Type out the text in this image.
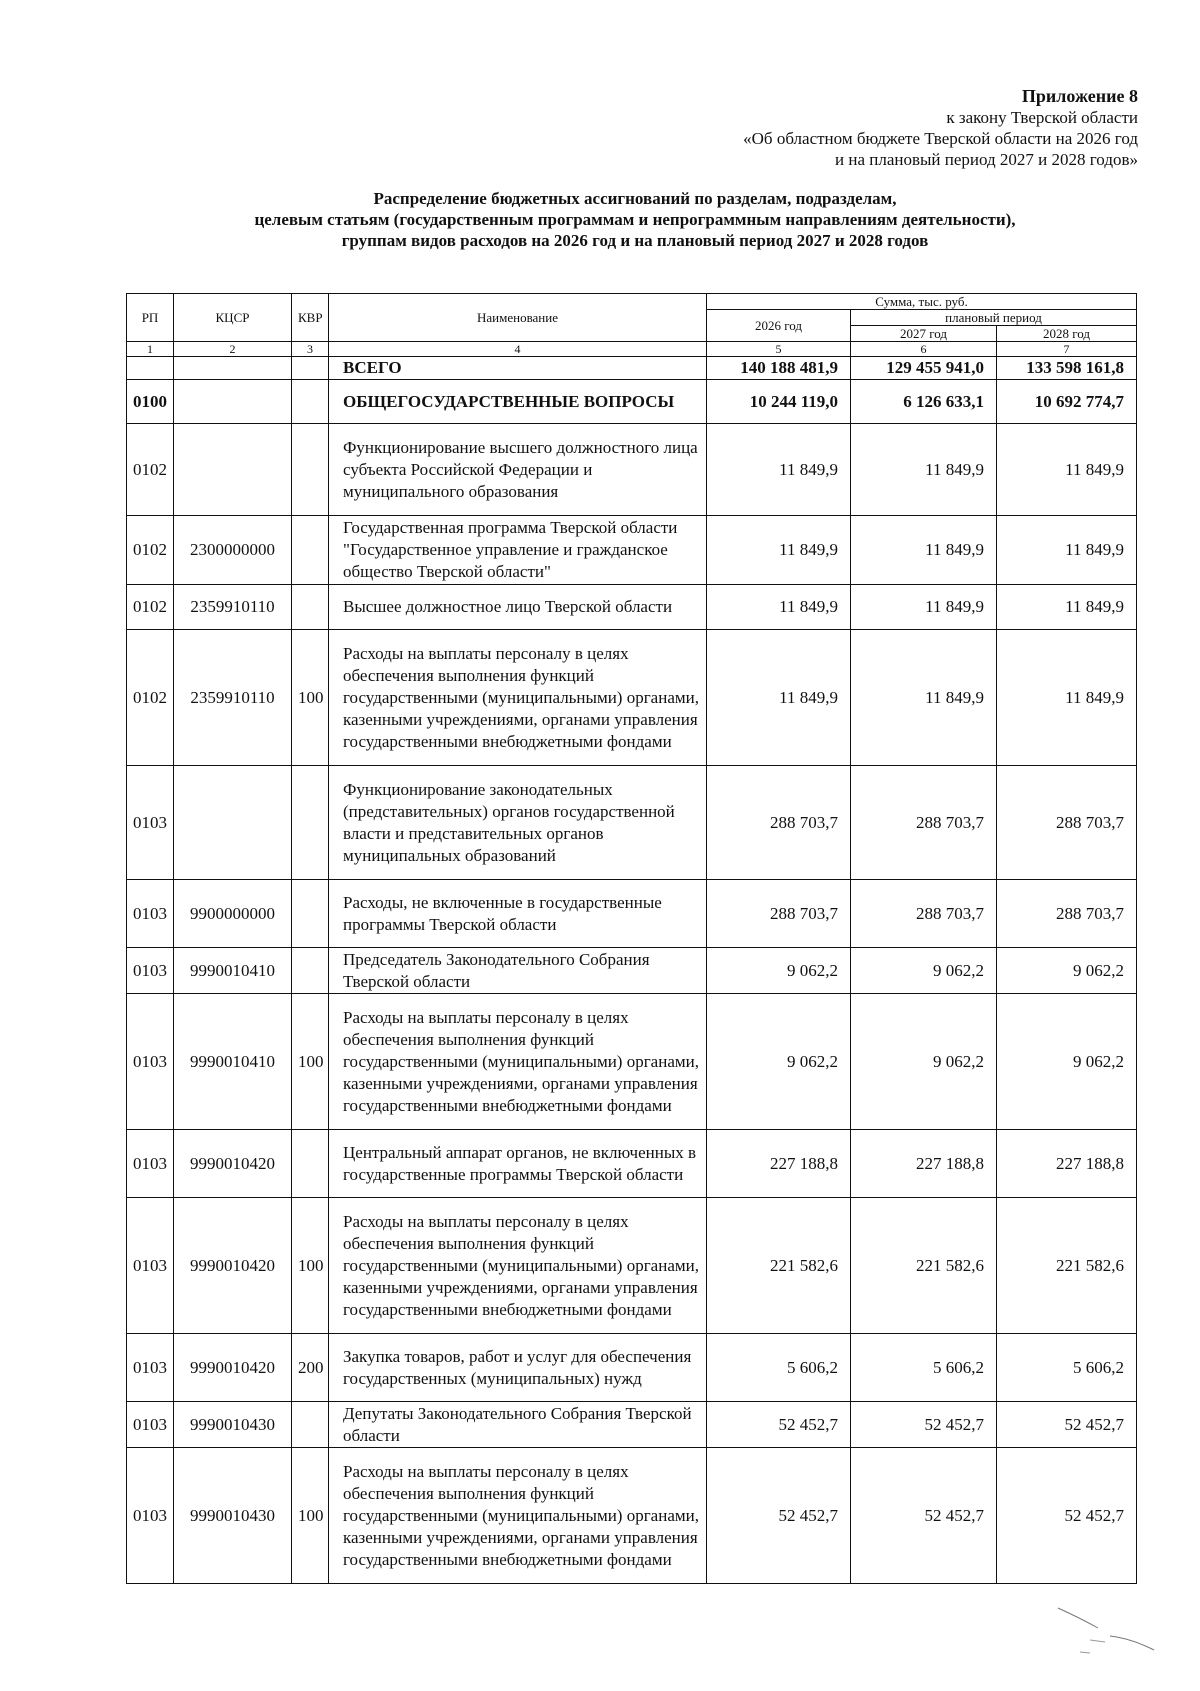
Приложение 8
к закону Тверской области
«Об областном бюджете Тверской области на 2026 год
и на плановый период 2027 и 2028 годов»
Распределение бюджетных ассигнований по разделам, подразделам,
целевым статьям (государственным программам и непрограммным направлениям деятельности),
группам видов расходов на 2026 год и на плановый период 2027 и 2028 годов
РП	КЦСР	КВР	Наименование	Сумма, тыс. руб.		
				2026 год	плановый период	
					2027 год	2028 год
1	2	3	4	5	6	7
			ВСЕГО	140 188 481,9	129 455 941,0	133 598 161,8
0100			ОБЩЕГОСУДАРСТВЕННЫЕ ВОПРОСЫ	10 244 119,0	6 126 633,1	10 692 774,7
0102			Функционирование высшего должностного лица субъекта Российской Федерации и муниципального образования	11 849,9	11 849,9	11 849,9
0102	2300000000		Государственная программа Тверской области "Государственное управление и гражданское общество Тверской области"	11 849,9	11 849,9	11 849,9
0102	2359910110		Высшее должностное лицо Тверской области	11 849,9	11 849,9	11 849,9
0102	2359910110	100	Расходы на выплаты персоналу в целях обеспечения выполнения функций государственными (муниципальными) органами, казенными учреждениями, органами управления государственными внебюджетными фондами	11 849,9	11 849,9	11 849,9
0103			Функционирование законодательных (представительных) органов государственной власти и представительных органов муниципальных образований	288 703,7	288 703,7	288 703,7
0103	9900000000		Расходы, не включенные в государственные программы Тверской области	288 703,7	288 703,7	288 703,7
0103	9990010410		Председатель Законодательного Собрания Тверской области	9 062,2	9 062,2	9 062,2
0103	9990010410	100	Расходы на выплаты персоналу в целях обеспечения выполнения функций государственными (муниципальными) органами, казенными учреждениями, органами управления государственными внебюджетными фондами	9 062,2	9 062,2	9 062,2
0103	9990010420		Центральный аппарат органов, не включенных в государственные программы Тверской области	227 188,8	227 188,8	227 188,8
0103	9990010420	100	Расходы на выплаты персоналу в целях обеспечения выполнения функций государственными (муниципальными) органами, казенными учреждениями, органами управления государственными внебюджетными фондами	221 582,6	221 582,6	221 582,6
0103	9990010420	200	Закупка товаров, работ и услуг для обеспечения государственных (муниципальных) нужд	5 606,2	5 606,2	5 606,2
0103	9990010430		Депутаты Законодательного Собрания Тверской области	52 452,7	52 452,7	52 452,7
0103	9990010430	100	Расходы на выплаты персоналу в целях обеспечения выполнения функций государственными (муниципальными) органами, казенными учреждениями, органами управления государственными внебюджетными фондами	52 452,7	52 452,7	52 452,7
